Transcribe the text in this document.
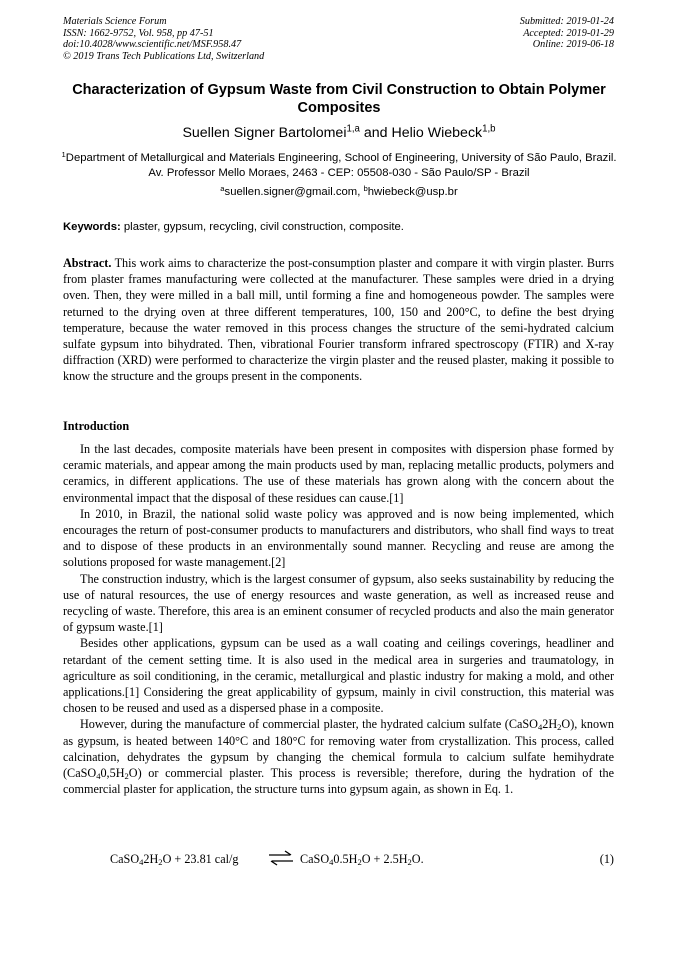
Materials Science Forum
ISSN: 1662-9752, Vol. 958, pp 47-51
doi:10.4028/www.scientific.net/MSF.958.47
© 2019 Trans Tech Publications Ltd, Switzerland
Submitted: 2019-01-24
Accepted: 2019-01-29
Online: 2019-06-18
Characterization of Gypsum Waste from Civil Construction to Obtain Polymer Composites
Suellen Signer Bartolomei$^{1,a}$ and Helio Wiebeck$^{1,b}$
$^1$Department of Metallurgical and Materials Engineering, School of Engineering, University of São Paulo, Brazil. Av. Professor Mello Moraes, 2463 - CEP: 05508-030 - São Paulo/SP - Brazil
$^a$suellen.signer@gmail.com, $^b$hwiebeck@usp.br
Keywords: plaster, gypsum, recycling, civil construction, composite.

Abstract. This work aims to characterize the post-consumption plaster and compare it with virgin plaster. Burrs from plaster frames manufacturing were collected at the manufacturer. These samples were dried in a drying oven. Then, they were milled in a ball mill, until forming a fine and homogeneous powder. The samples were returned to the drying oven at three different temperatures, 100, 150 and 200°C, to define the best drying temperature, because the water removed in this process changes the structure of the semi-hydrated calcium sulfate gypsum into bihydrated. Then, vibrational Fourier transform infrared spectroscopy (FTIR) and X-ray diffraction (XRD) were performed to characterize the virgin plaster and the reused plaster, making it possible to know the structure and the groups present in the components.

Introduction

In the last decades, composite materials have been present in composites with dispersion phase formed by ceramic materials, and appear among the main products used by man, replacing metallic products, polymers and ceramics, in different applications. The use of these materials has grown along with the concern about the environmental impact that the disposal of these residues can cause.[1]

In 2010, in Brazil, the national solid waste policy was approved and is now being implemented, which encourages the return of post-consumer products to manufacturers and distributors, who shall find ways to treat and to dispose of these products in an environmentally sound manner. Recycling and reuse are among the solutions proposed for waste management.[2]

The construction industry, which is the largest consumer of gypsum, also seeks sustainability by reducing the use of natural resources, the use of energy resources and waste generation, as well as increased reuse and recycling of waste. Therefore, this area is an eminent consumer of recycled products and also the main generator of gypsum waste.[1]

Besides other applications, gypsum can be used as a wall coating and ceilings coverings, headliner and retardant of the cement setting time. It is also used in the medical area in surgeries and traumatology, in agriculture as soil conditioning, in the ceramic, metallurgical and plastic industry for making a mold, and other applications.[1] Considering the great applicability of gypsum, mainly in civil construction, this material was chosen to be reused and used as a dispersed phase in a composite.

However, during the manufacture of commercial plaster, the hydrated calcium sulfate $(CaSO_42H_2O)$, known as gypsum, is heated between 140°C and 180°C for removing water from crystallization. This process, called calcination, dehydrates the gypsum by changing the chemical formula to calcium sulfate hemihydrate $(CaSO_40,5H_2O)$ or commercial plaster. This process is reversible; therefore, during the hydration of the commercial plaster for application, the structure turns into gypsum again, as shown in Eq. 1.

$CaSO_42H_2O + 23.81$ cal/g ⇌ $CaSO_40.5H_2O + 2.5H_2O$.	(1)
